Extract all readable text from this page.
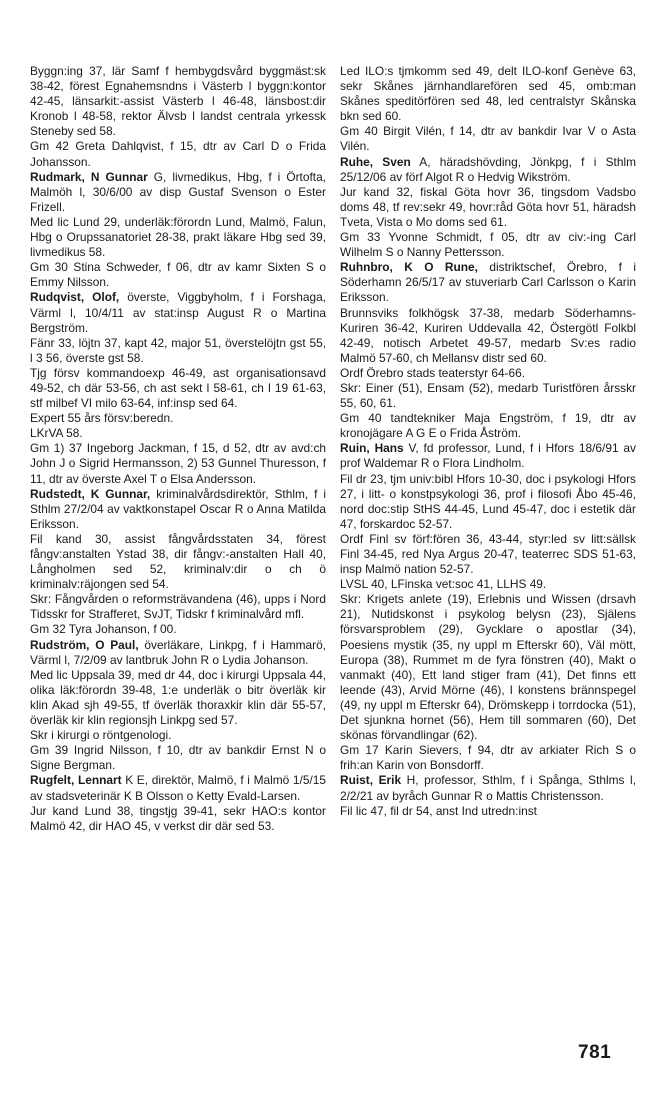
Byggn:ing 37, lär Samf f hembygdsvård byggmäst:sk 38-42, förest Egnahemsndns i Västerb l byggn:kontor 42-45, länsarkit:-assist Västerb l 46-48, länsbost:dir Kronob l 48-58, rektor Älvsb l landst centrala yrkessk Steneby sed 58.

Gm 42 Greta Dahlqvist, f 15, dtr av Carl D o Frida Johansson.

Rudmark, N Gunnar G, livmedikus, Hbg, f i Örtofta, Malmöh l, 30/6/00 av disp Gustaf Svenson o Ester Frizell.

Med lic Lund 29, underläk:förordn Lund, Malmö, Falun, Hbg o Orupssanatoriet 28-38, prakt läkare Hbg sed 39, livmedikus 58.

Gm 30 Stina Schweder, f 06, dtr av kamr Sixten S o Emmy Nilsson.

Rudqvist, Olof, överste, Viggbyholm, f i Forshaga, Värml l, 10/4/11 av stat:insp August R o Martina Bergström.

Fänr 33, löjtn 37, kapt 42, major 51, överstelöjtn gst 55, l 3 56, överste gst 58.

Tjg försv kommandoexp 46-49, ast organisationsavd 49-52, ch där 53-56, ch ast sekt l 58-61, ch l 19 61-63, stf milbef VI milo 63-64, inf:insp sed 64.

Expert 55 års försv:beredn.

LKrVA 58.

Gm 1) 37 Ingeborg Jackman, f 15, d 52, dtr av avd:ch John J o Sigrid Hermansson, 2) 53 Gunnel Thuresson, f 11, dtr av överste Axel T o Elsa Andersson.

Rudstedt, K Gunnar, kriminalvårdsdirektör, Sthlm, f i Sthlm 27/2/04 av vaktkonstapel Oscar R o Anna Matilda Eriksson.

Fil kand 30, assist fångvårdsstaten 34, förest fångv:anstalten Ystad 38, dir fångv:-anstalten Hall 40, Långholmen sed 52, kriminalv:dir o ch ö kriminalv:räjongen sed 54.

Skr: Fångvården o reformsträvandena (46), upps i Nord Tidsskr for Strafferet, SvJT, Tidskr f kriminalvård mfl.

Gm 32 Tyra Johanson, f 00.

Rudström, O Paul, överläkare, Linkpg, f i Hammarö, Värml l, 7/2/09 av lantbruk John R o Lydia Johanson.

Med lic Uppsala 39, med dr 44, doc i kirurgi Uppsala 44, olika läk:förordn 39-48, 1:e underläk o bitr överläk kir klin Akad sjh 49-55, tf överläk thoraxkir klin där 55-57, överläk kir klin regionsjh Linkpg sed 57.

Skr i kirurgi o röntgenologi.

Gm 39 Ingrid Nilsson, f 10, dtr av bankdir Ernst N o Signe Bergman.

Rugfelt, Lennart K E, direktör, Malmö, f i Malmö 1/5/15 av stadsveterinär K B Olsson o Ketty Evald-Larsen.

Jur kand Lund 38, tingstjg 39-41, sekr HAO:s kontor Malmö 42, dir HAO 45, v verkst dir där sed 53.

Led ILO:s tjmkomm sed 49, delt ILO-konf Genève 63, sekr Skånes järnhandlarefören sed 45, omb:man Skånes speditörfören sed 48, led centralstyr Skånska bkn sed 60.

Gm 40 Birgit Vilén, f 14, dtr av bankdir Ivar V o Asta Vilén.

Ruhe, Sven A, häradshövding, Jönkpg, f i Sthlm 25/12/06 av förf Algot R o Hedvig Wikström.

Jur kand 32, fiskal Göta hovr 36, tingsdom Vadsbo doms 48, tf rev:sekr 49, hovr:råd Göta hovr 51, häradsh Tveta, Vista o Mo doms sed 61.

Gm 33 Yvonne Schmidt, f 05, dtr av civ:-ing Carl Wilhelm S o Nanny Pettersson.

Ruhnbro, K O Rune, distriktschef, Örebro, f i Söderhamn 26/5/17 av stuveriarb Carl Carlsson o Karin Eriksson.

Brunnsviks folkhögsk 37-38, medarb Söderhamns-Kuriren 36-42, Kuriren Uddevalla 42, Östergötl Folkbl 42-49, notisch Arbetet 49-57, medarb Sv:es radio Malmö 57-60, ch Mellansv distr sed 60.

Ordf Örebro stads teaterstyr 64-66.

Skr: Einer (51), Ensam (52), medarb Turistfören årsskr 55, 60, 61.

Gm 40 tandtekniker Maja Engström, f 19, dtr av kronojägare A G E o Frida Åström.

Ruin, Hans V, fd professor, Lund, f i Hfors 18/6/91 av prof Waldemar R o Flora Lindholm.

Fil dr 23, tjm univ:bibl Hfors 10-30, doc i psykologi Hfors 27, i litt- o konstpsykologi 36, prof i filosofi Åbo 45-46, nord doc:stip StHS 44-45, Lund 45-47, doc i estetik där 47, forskardoc 52-57.

Ordf Finl sv förf:fören 36, 43-44, styr:led sv litt:sällsk Finl 34-45, red Nya Argus 20-47, teaterrec SDS 51-63, insp Malmö nation 52-57.

LVSL 40, LFinska vet:soc 41, LLHS 49.

Skr: Krigets anlete (19), Erlebnis und Wissen (drsavh 21), Nutidskonst i psykolog belysn (23), Själens försvarsproblem (29), Gycklare o apostlar (34), Poesiens mystik (35, ny uppl m Efterskr 60), Väl mött, Europa (38), Rummet m de fyra fönstren (40), Makt o vanmakt (40), Ett land stiger fram (41), Det finns ett leende (43), Arvid Mörne (46), I konstens brännspegel (49, ny uppl m Efterskr 64), Drömskepp i torrdocka (51), Det sjunkna hornet (56), Hem till sommaren (60), Det skönas förvandlingar (62).

Gm 17 Karin Sievers, f 94, dtr av arkiater Rich S o frih:an Karin von Bonsdorff.

Ruist, Erik H, professor, Sthlm, f i Spånga, Sthlms l, 2/2/21 av byråch Gunnar R o Mattis Christensson.

Fil lic 47, fil dr 54, anst Ind utredn:inst

781
